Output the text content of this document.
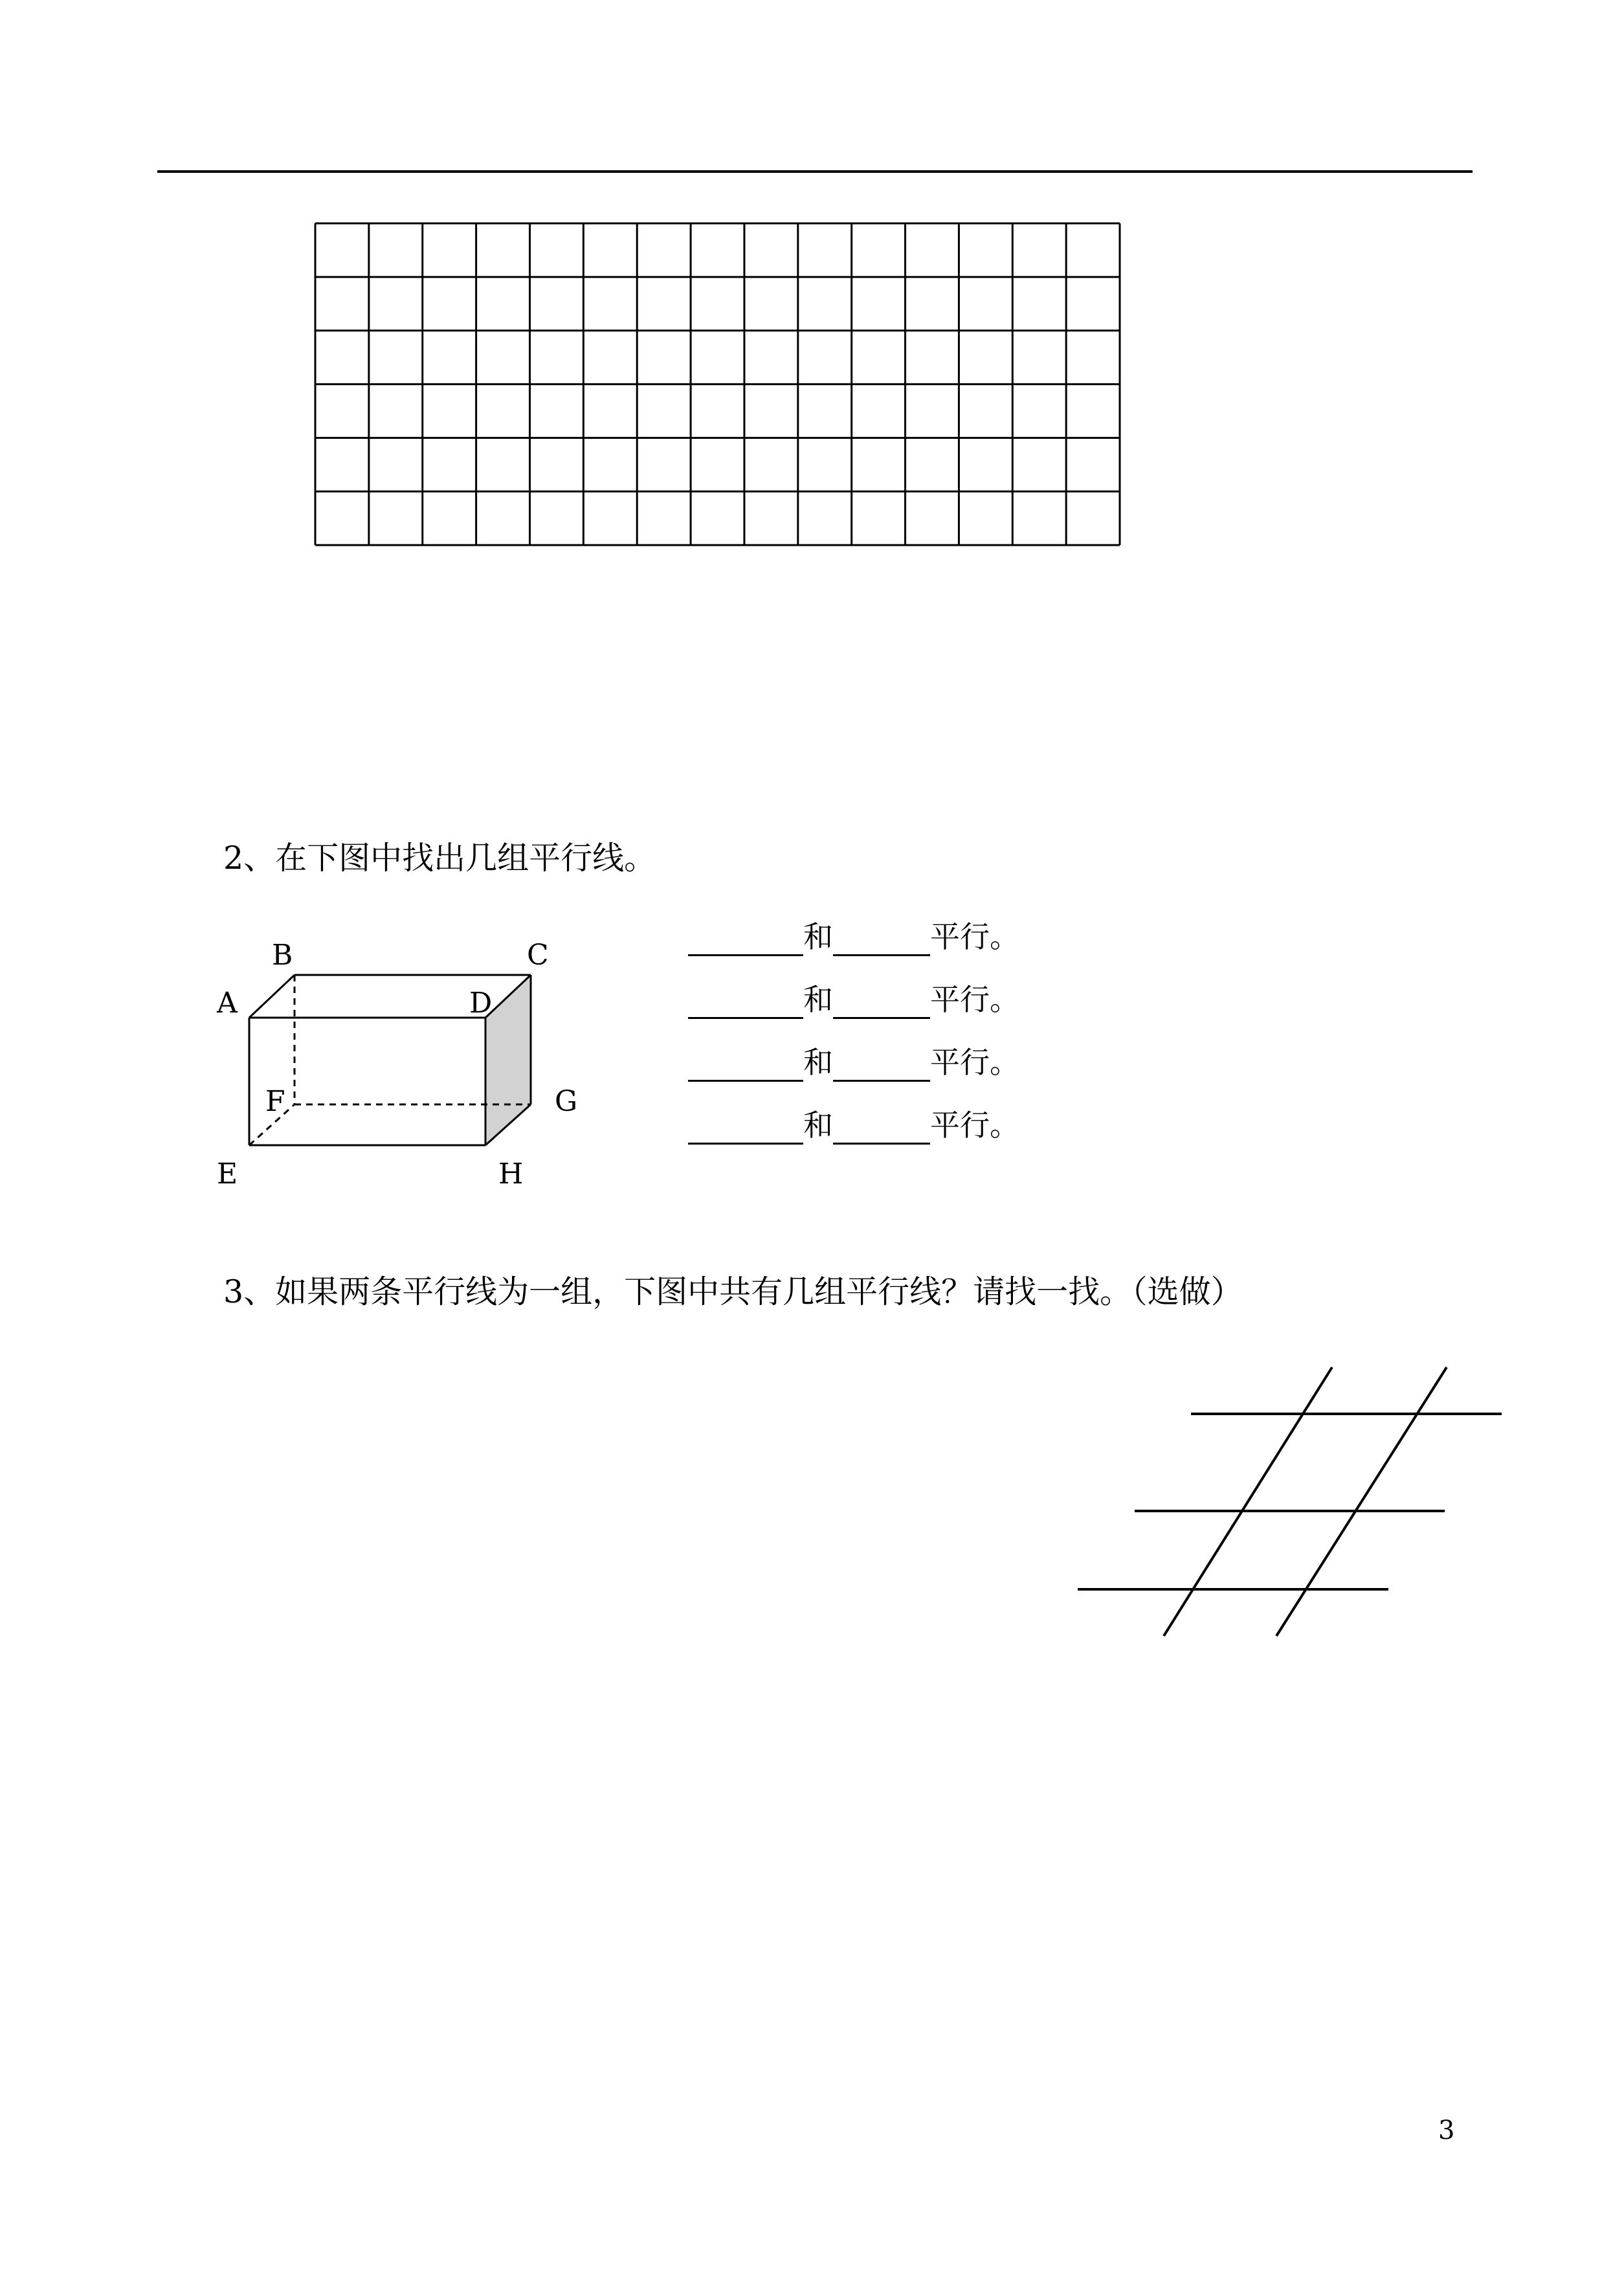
2、在下图中找出几组平行线。
B	C
A	D
F	G
E	H
和	平行。
和	平行。
和	平行。
和	平行。
3、如果两条平行线为一组，下图中共有几组平行线？请找一找。（选做）
3
